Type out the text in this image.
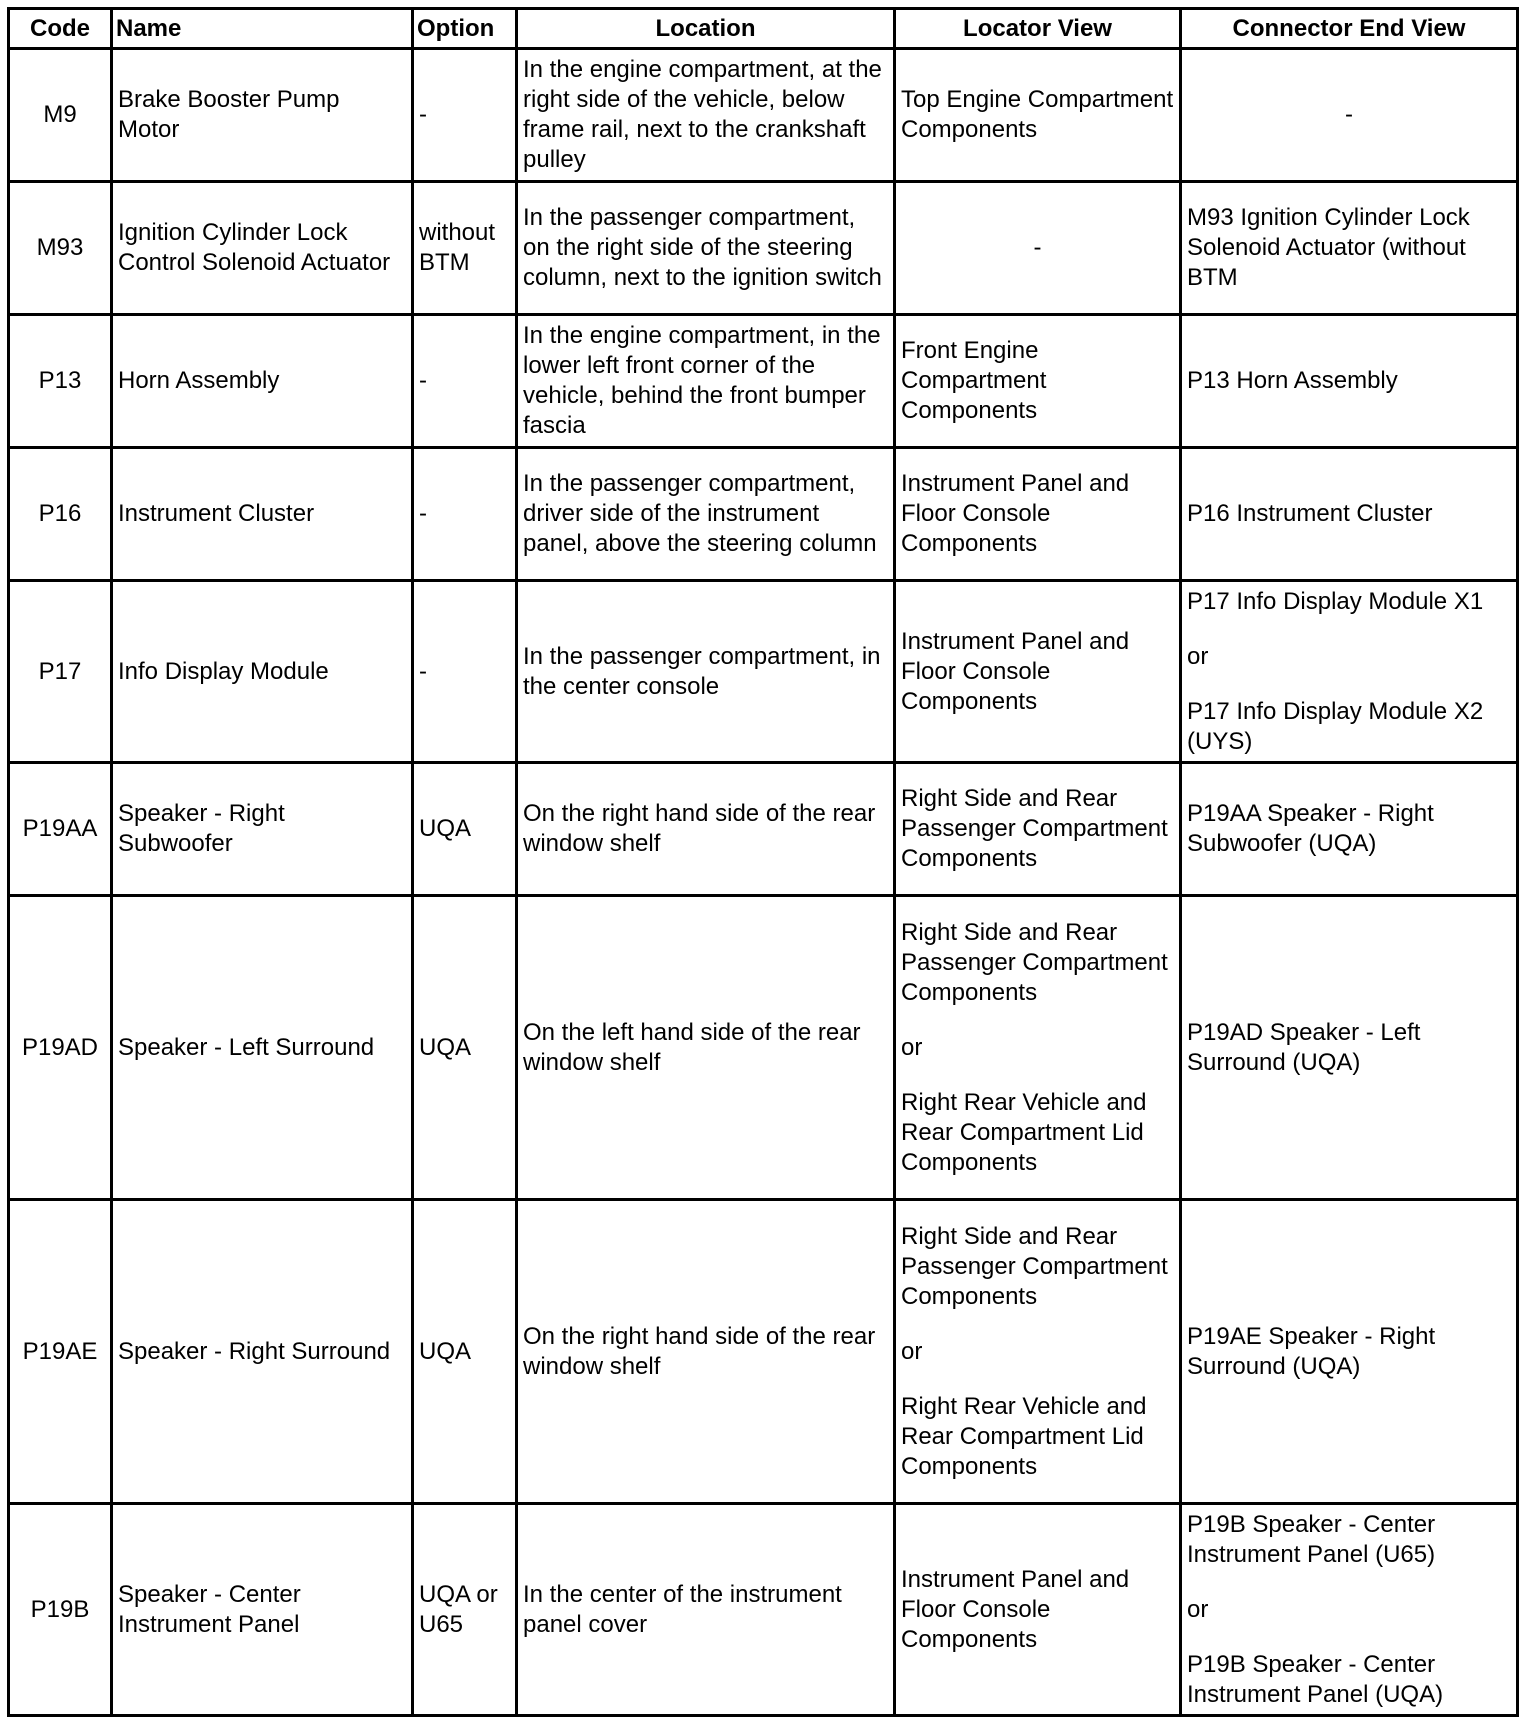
Code	Name	Option	Location	Locator View	Connector End View
M9	Brake Booster Pump Motor	-	In the engine compartment, at the right side of the vehicle, below frame rail, next to the crankshaft pulley	Top Engine Compartment Components	-

M93	Ignition Cylinder Lock Control Solenoid Actuator	without BTM	In the passenger compartment, on the right side of the steering column, next to the ignition switch	-	M93 Ignition Cylinder Lock Solenoid Actuator (without BTM

P13	Horn Assembly	-	In the engine compartment, in the lower left front corner of the vehicle, behind the front bumper fascia	Front Engine Compartment Components	P13 Horn Assembly

P16	Instrument Cluster	-	In the passenger compartment, driver side of the instrument panel, above the steering column	Instrument Panel and Floor Console Components	P16 Instrument Cluster

P17	Info Display Module	-	In the passenger compartment, in the center console	Instrument Panel and Floor Console Components	P17 Info Display Module X1
or
P17 Info Display Module X2 (UYS)

P19AA	Speaker - Right Subwoofer	UQA	On the right hand side of the rear window shelf	Right Side and Rear Passenger Compartment Components	P19AA Speaker - Right Subwoofer (UQA)

P19AD	Speaker - Left Surround	UQA	On the left hand side of the rear window shelf	Right Side and Rear Passenger Compartment Components
or
Right Rear Vehicle and Rear Compartment Lid Components	P19AD Speaker - Left Surround (UQA)

P19AE	Speaker - Right Surround	UQA	On the right hand side of the rear window shelf	Right Side and Rear Passenger Compartment Components
or
Right Rear Vehicle and Rear Compartment Lid Components	P19AE Speaker - Right Surround (UQA)

P19B	Speaker - Center Instrument Panel	UQA or U65	In the center of the instrument panel cover	Instrument Panel and Floor Console Components	P19B Speaker - Center Instrument Panel (U65)
or
P19B Speaker - Center Instrument Panel (UQA)
